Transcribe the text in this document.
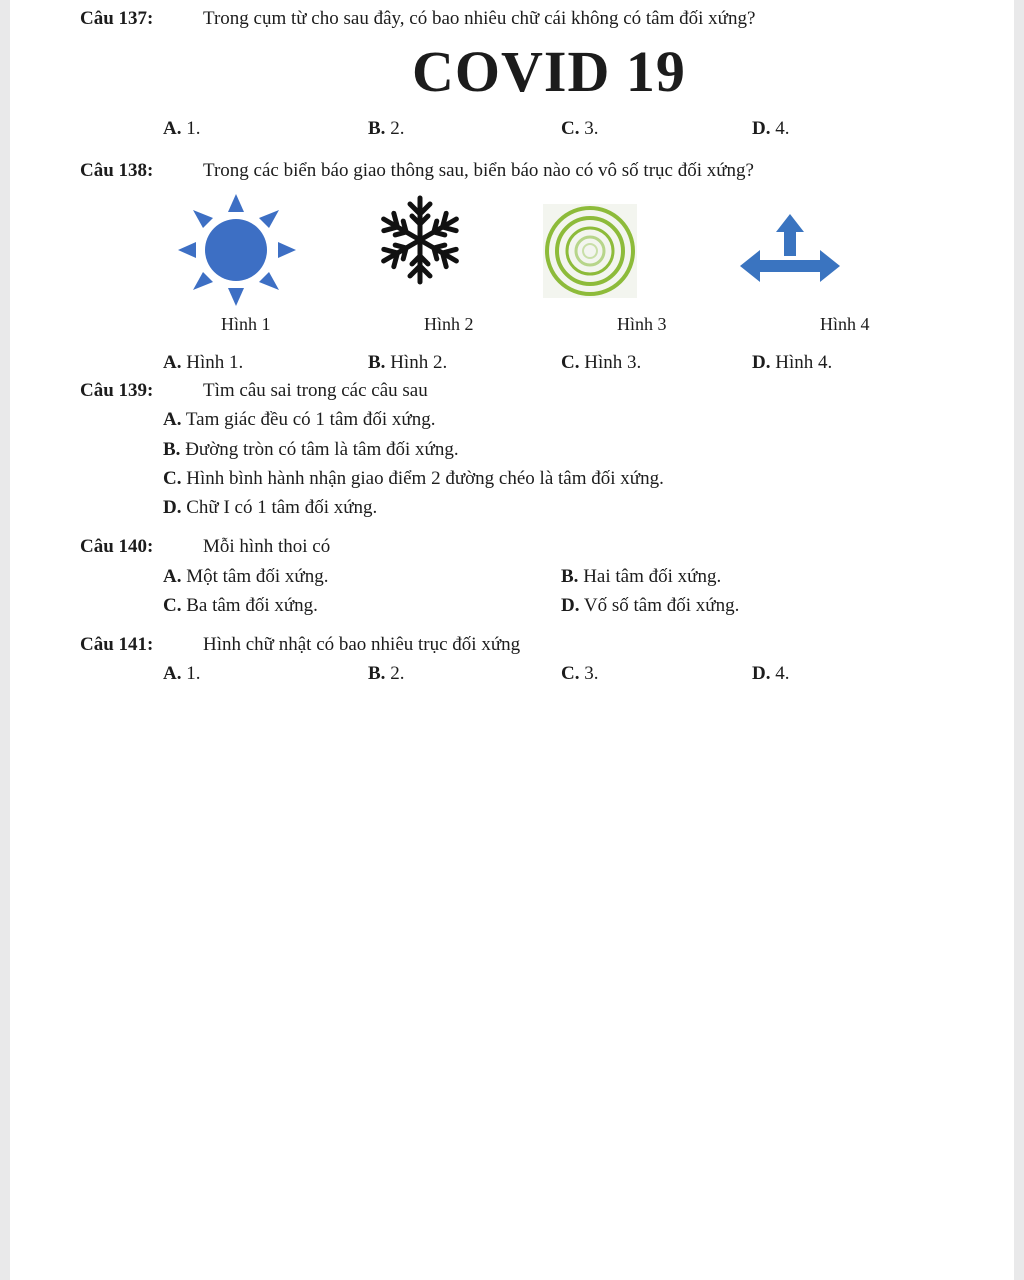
Câu 137:	Trong cụm từ cho sau đây, có bao nhiêu chữ cái không có tâm đối xứng?
COVID 19
A. 1.	B. 2.	C. 3.	D. 4.
Câu 138:	Trong các biển báo giao thông sau, biển báo nào có vô số trục đối xứng?
Hình 1	Hình 2	Hình 3	Hình 4
A. Hình 1.	B. Hình 2.	C. Hình 3.	D. Hình 4.
Câu 139:	Tìm câu sai trong các câu sau
A. Tam giác đều có 1 tâm đối xứng.
B. Đường tròn có tâm là tâm đối xứng.
C. Hình bình hành nhận giao điểm 2 đường chéo là tâm đối xứng.
D. Chữ I có 1 tâm đối xứng.
Câu 140:	Mỗi hình thoi có
A. Một tâm đối xứng.	B. Hai tâm đối xứng.
C. Ba tâm đối xứng.	D. Vố số tâm đối xứng.
Câu 141:	Hình chữ nhật có bao nhiêu trục đối xứng
A. 1.	B. 2.	C. 3.	D. 4.
